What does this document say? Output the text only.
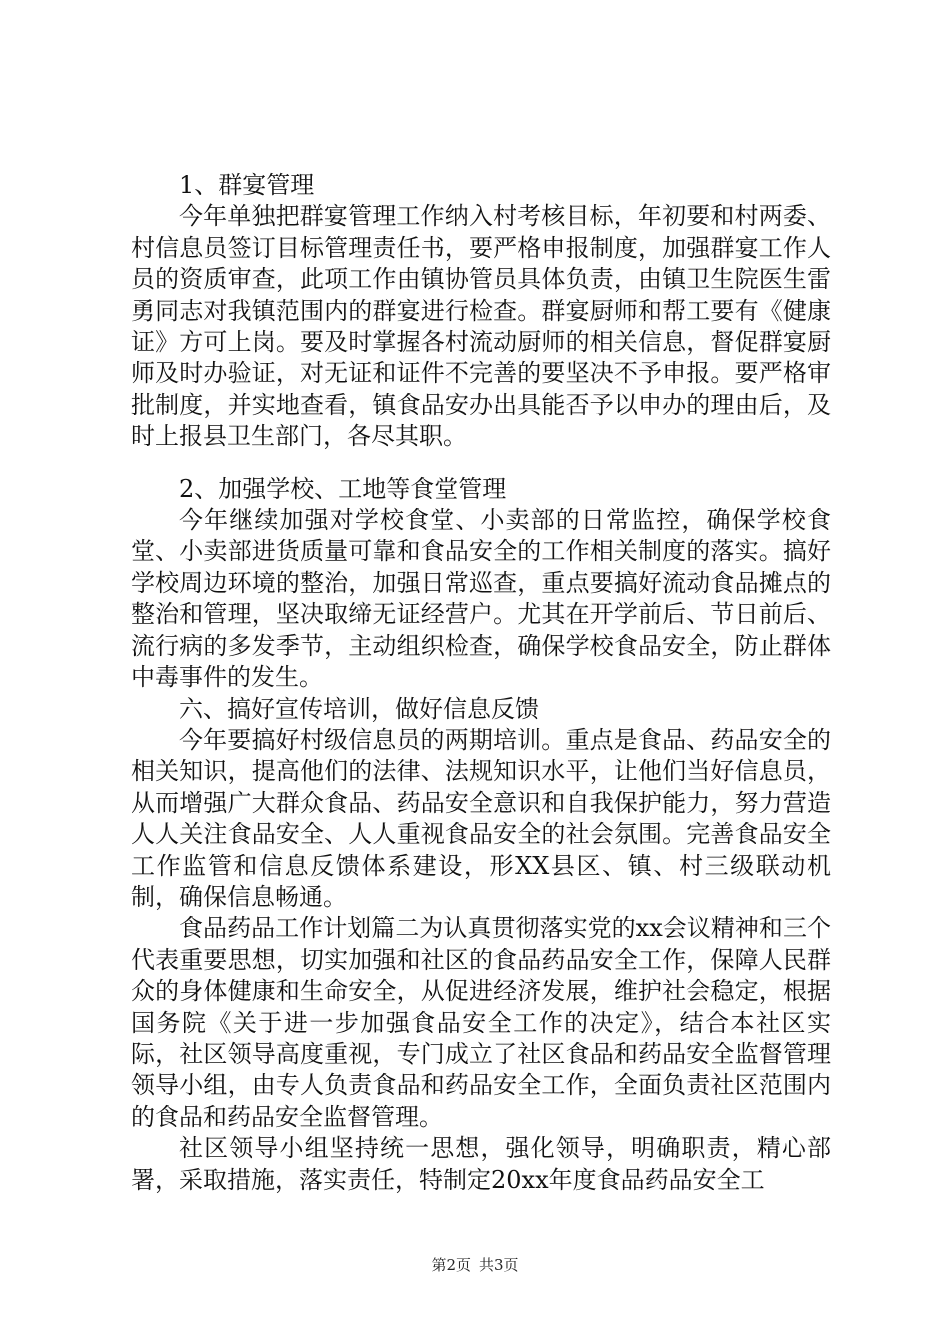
1、群宴管理

今年单独把群宴管理工作纳入村考核目标，年初要和村两委、村信息员签订目标管理责任书，要严格申报制度，加强群宴工作人员的资质审查，此项工作由镇协管员具体负责，由镇卫生院医生雷勇同志对我镇范围内的群宴进行检查。群宴厨师和帮工要有《健康证》方可上岗。要及时掌握各村流动厨师的相关信息，督促群宴厨师及时办验证，对无证和证件不完善的要坚决不予申报。要严格审批制度，并实地查看，镇食品安办出具能否予以申办的理由后，及时上报县卫生部门，各尽其职。

2、加强学校、工地等食堂管理

今年继续加强对学校食堂、小卖部的日常监控，确保学校食堂、小卖部进货质量可靠和食品安全的工作相关制度的落实。搞好学校周边环境的整治，加强日常巡查，重点要搞好流动食品摊点的整治和管理，坚决取缔无证经营户。尤其在开学前后、节日前后、流行病的多发季节，主动组织检查，确保学校食品安全，防止群体中毒事件的发生。

六、搞好宣传培训，做好信息反馈

今年要搞好村级信息员的两期培训。重点是食品、药品安全的相关知识，提高他们的法律、法规知识水平，让他们当好信息员，从而增强广大群众食品、药品安全意识和自我保护能力，努力营造人人关注食品安全、人人重视食品安全的社会氛围。完善食品安全工作监管和信息反馈体系建设，形XX县区、镇、村三级联动机制，确保信息畅通。

食品药品工作计划篇二为认真贯彻落实党的xx会议精神和三个代表重要思想，切实加强和社区的食品药品安全工作，保障人民群众的身体健康和生命安全，从促进经济发展，维护社会稳定，根据国务院《关于进一步加强食品安全工作的决定》，结合本社区实际，社区领导高度重视，专门成立了社区食品和药品安全监督管理领导小组，由专人负责食品和药品安全工作，全面负责社区范围内的食品和药品安全监督管理。

社区领导小组坚持统一思想，强化领导，明确职责，精心部署，采取措施，落实责任，特制定20xx年度食品药品安全工

第2页 共3页
